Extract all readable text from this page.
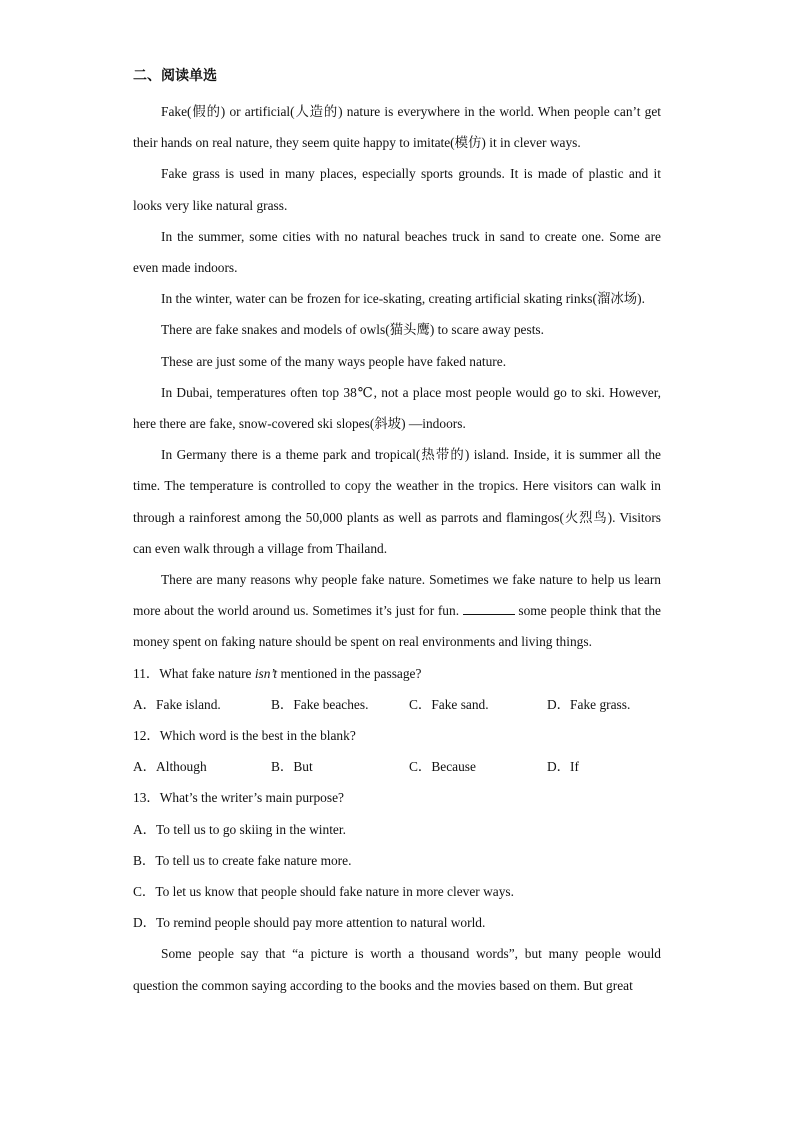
二、阅读单选

Fake(假的) or artificial(人造的) nature is everywhere in the world. When people can’t get their hands on real nature, they seem quite happy to imitate(模仿) it in clever ways.

Fake grass is used in many places, especially sports grounds. It is made of plastic and it looks very like natural grass.

In the summer, some cities with no natural beaches truck in sand to create one. Some are even made indoors.

In the winter, water can be frozen for ice-skating, creating artificial skating rinks(溜冰场).

There are fake snakes and models of owls(猫头鹰) to scare away pests.

These are just some of the many ways people have faked nature.

In Dubai, temperatures often top 38℃, not a place most people would go to ski. However, here there are fake, snow-covered ski slopes(斜坡) —indoors.

In Germany there is a theme park and tropical(热带的) island. Inside, it is summer all the time. The temperature is controlled to copy the weather in the tropics. Here visitors can walk in through a rainforest among the 50,000 plants as well as parrots and flamingos(火烈鸟). Visitors can even walk through a village from Thailand.

There are many reasons why people fake nature. Sometimes we fake nature to help us learn more about the world around us. Sometimes it’s just for fun.	some people think that the money spent on faking nature should be spent on real environments and living things.

11．What fake nature isn’t mentioned in the passage?

A．Fake island.	B．Fake beaches.	C．Fake sand.	D．Fake grass.

12．Which word is the best in the blank?

A．Although	B．But	C．Because	D．If

13．What’s the writer’s main purpose?

A．To tell us to go skiing in the winter.

B．To tell us to create fake nature more.

C．To let us know that people should fake nature in more clever ways.

D．To remind people should pay more attention to natural world.

Some people say that “a picture is worth a thousand words”, but many people would question the common saying according to the books and the movies based on them. But great
